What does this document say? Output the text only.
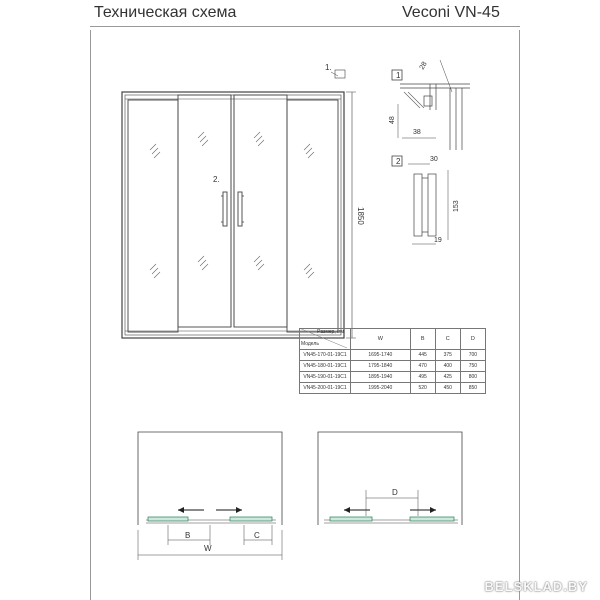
Техническая схема	Veconi VN-45
1.
2.
1850
1
28
48
38
2	30
153
19
B	C
W
D
	W	B	C	D
VN45-170-01-19C1	1695-1740	445	375	700
VN45-180-01-19C1	1795-1840	470	400	750
VN45-190-01-19C1	1895-1940	495	425	800
VN45-200-01-19C1	1995-2040	520	450	850
Размер, мм
Модель
BELSKLAD.BY
